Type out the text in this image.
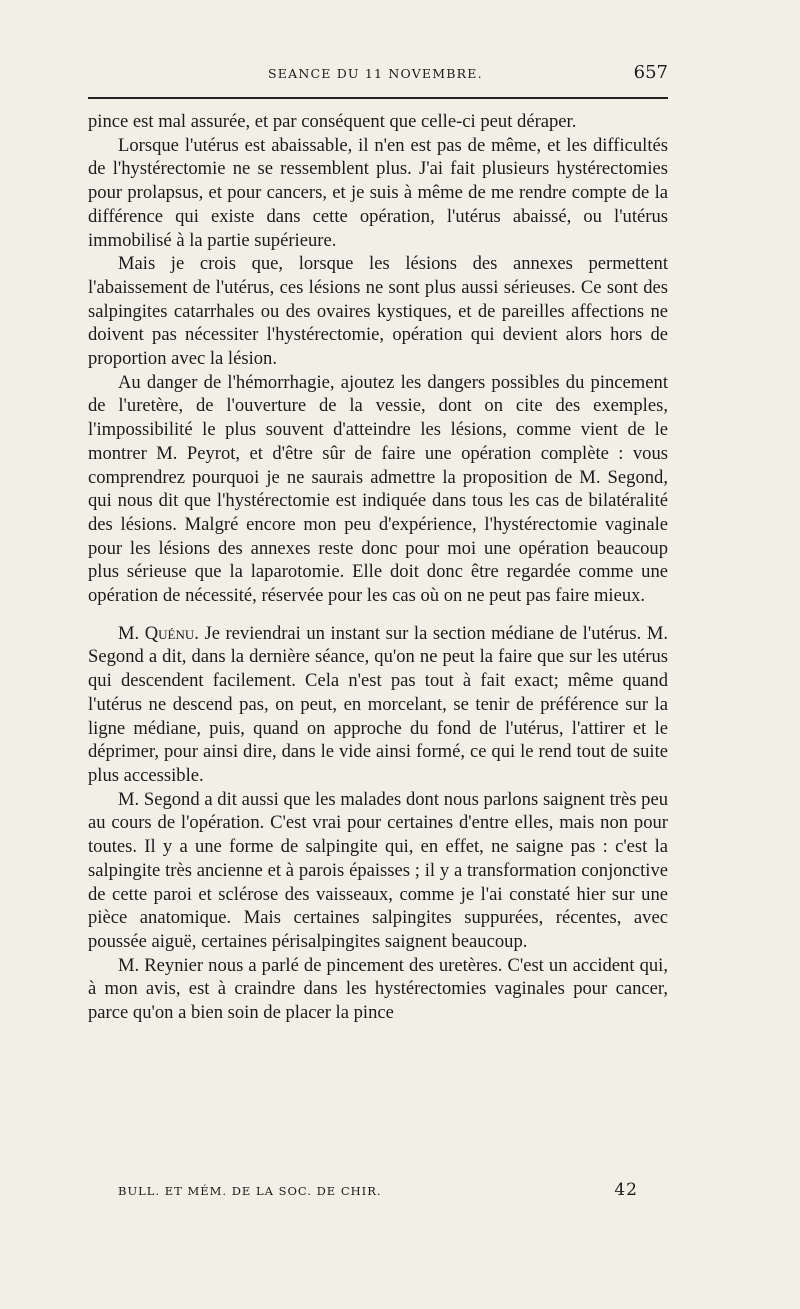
SEANCE DU 11 NOVEMBRE.	657

pince est mal assurée, et par conséquent que celle-ci peut déraper.

Lorsque l'utérus est abaissable, il n'en est pas de même, et les difficultés de l'hystérectomie ne se ressemblent plus. J'ai fait plusieurs hystérectomies pour prolapsus, et pour cancers, et je suis à même de me rendre compte de la différence qui existe dans cette opération, l'utérus abaissé, ou l'utérus immobilisé à la partie supérieure.

Mais je crois que, lorsque les lésions des annexes permettent l'abaissement de l'utérus, ces lésions ne sont plus aussi sérieuses. Ce sont des salpingites catarrhales ou des ovaires kystiques, et de pareilles affections ne doivent pas nécessiter l'hystérectomie, opération qui devient alors hors de proportion avec la lésion.

Au danger de l'hémorrhagie, ajoutez les dangers possibles du pincement de l'uretère, de l'ouverture de la vessie, dont on cite des exemples, l'impossibilité le plus souvent d'atteindre les lésions, comme vient de le montrer M. Peyrot, et d'être sûr de faire une opération complète : vous comprendrez pourquoi je ne saurais admettre la proposition de M. Segond, qui nous dit que l'hystérectomie est indiquée dans tous les cas de bilatéralité des lésions. Malgré encore mon peu d'expérience, l'hystérectomie vaginale pour les lésions des annexes reste donc pour moi une opération beaucoup plus sérieuse que la laparotomie. Elle doit donc être regardée comme une opération de nécessité, réservée pour les cas où on ne peut pas faire mieux.

M. Quénu. Je reviendrai un instant sur la section médiane de l'utérus. M. Segond a dit, dans la dernière séance, qu'on ne peut la faire que sur les utérus qui descendent facilement. Cela n'est pas tout à fait exact; même quand l'utérus ne descend pas, on peut, en morcelant, se tenir de préférence sur la ligne médiane, puis, quand on approche du fond de l'utérus, l'attirer et le déprimer, pour ainsi dire, dans le vide ainsi formé, ce qui le rend tout de suite plus accessible.

M. Segond a dit aussi que les malades dont nous parlons saignent très peu au cours de l'opération. C'est vrai pour certaines d'entre elles, mais non pour toutes. Il y a une forme de salpingite qui, en effet, ne saigne pas : c'est la salpingite très ancienne et à parois épaisses ; il y a transformation conjonctive de cette paroi et sclérose des vaisseaux, comme je l'ai constaté hier sur une pièce anatomique. Mais certaines salpingites suppurées, récentes, avec poussée aiguë, certaines périsalpingites saignent beaucoup.

M. Reynier nous a parlé de pincement des uretères. C'est un accident qui, à mon avis, est à craindre dans les hystérectomies vaginales pour cancer, parce qu'on a bien soin de placer la pince

BULL. ET MÉM. DE LA SOC. DE CHIR.	42
